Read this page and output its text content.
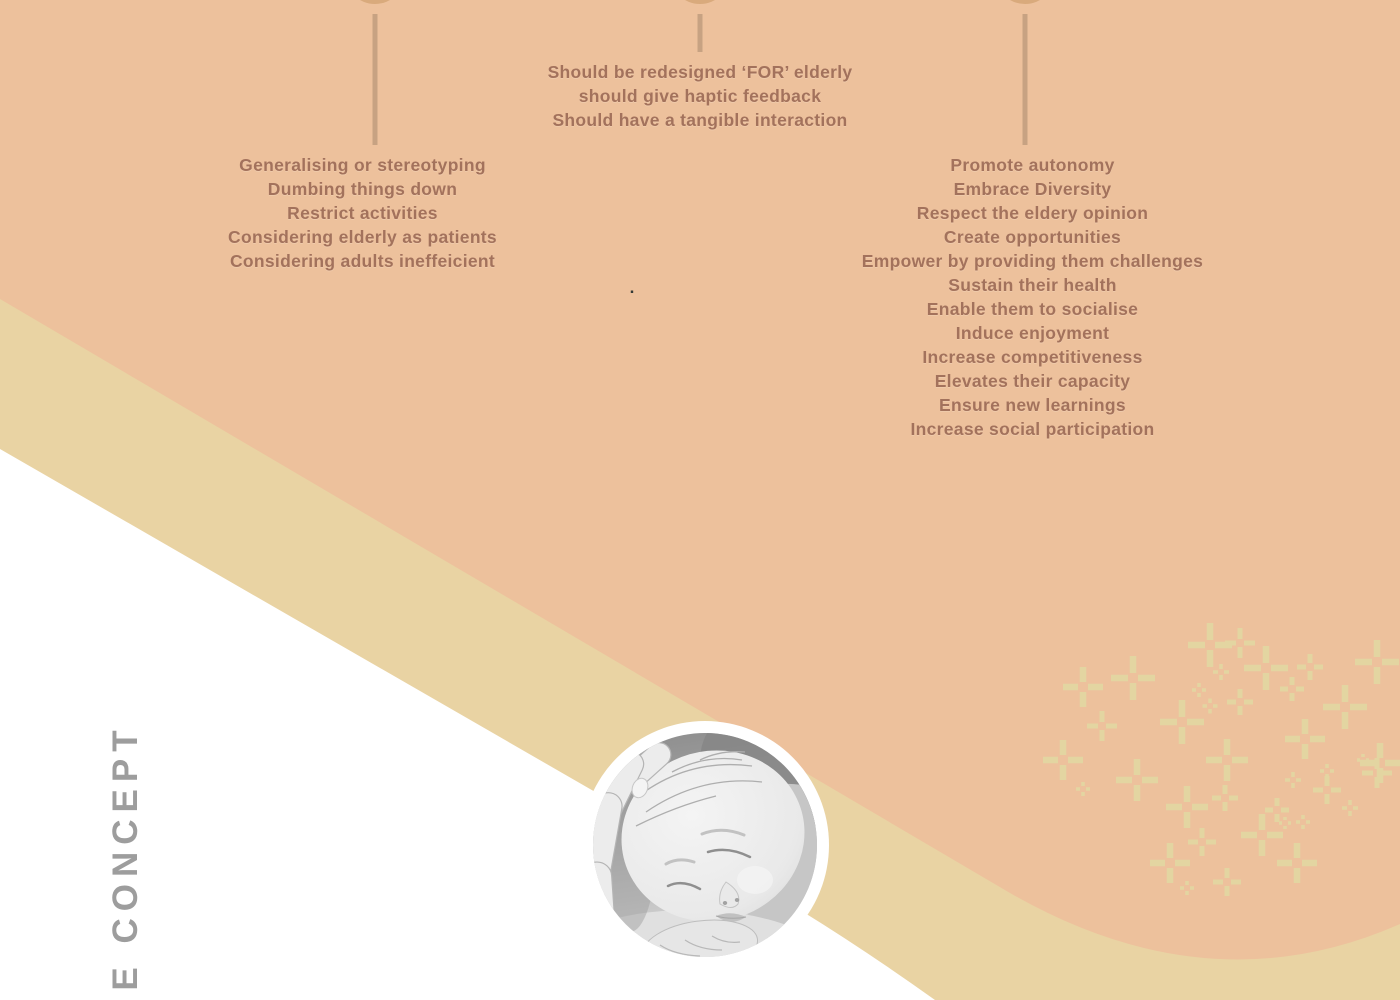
Generalising or stereotyping
Dumbing things down
Restrict activities
Considering elderly as patients
Considering adults ineffeicient
Should be redesigned ‘FOR’ elderly
should give haptic feedback
Should have a tangible interaction
Promote autonomy
Embrace Diversity
Respect the eldery opinion
Create opportunities
Empower by providing them challenges
Sustain their health
Enable them to socialise
Induce enjoyment
Increase competitiveness
Elevates their capacity
Ensure new learnings
Increase social participation
.
E CONCEPT
